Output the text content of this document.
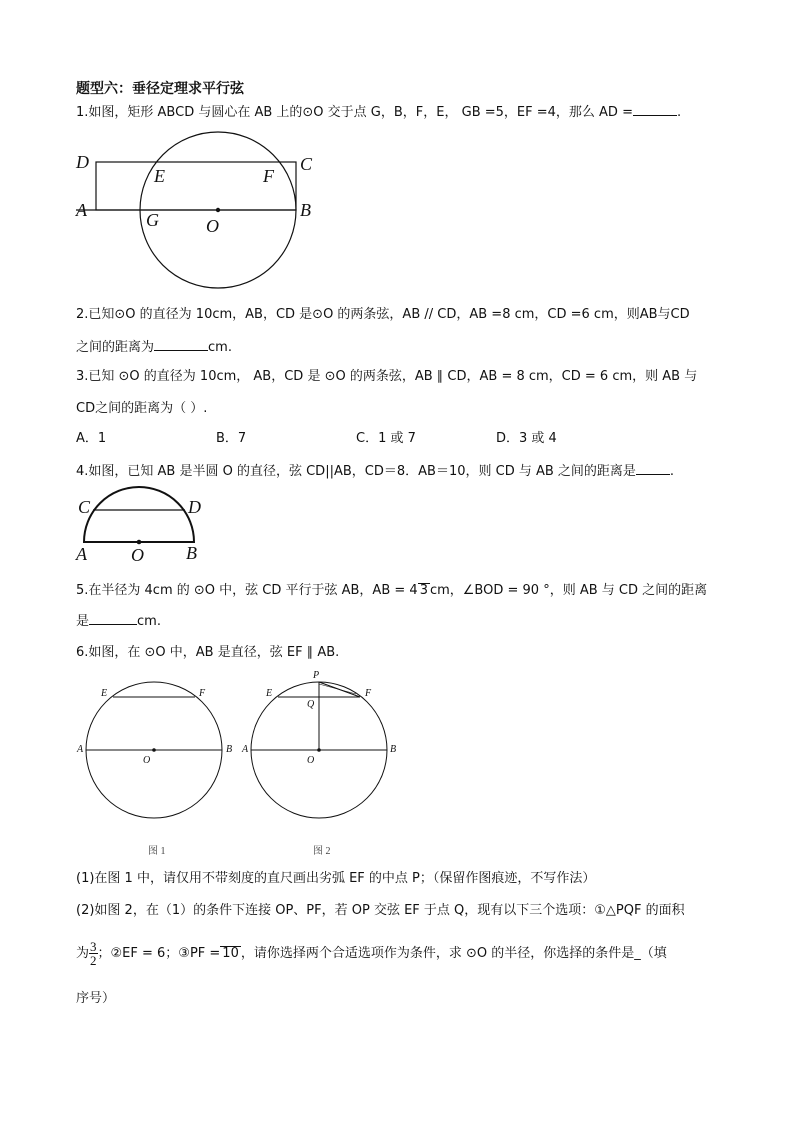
题型六：垂径定理求平行弦
1.如图，矩形 ABCD 与圆心在 AB 上的⊙O 交于点 G，B，F，E， GB =5，EF =4，那么 AD =	.
D	C
E	F
A	B
G	O
2.已知⊙O 的直径为 10cm，AB，CD 是⊙O 的两条弦，AB // CD，AB =8 cm，CD =6 cm，则AB与CD
之间的距离为	cm.
3.已知 ⊙O 的直径为 10cm， AB，CD 是 ⊙O 的两条弦，AB ∥ CD，AB = 8 cm，CD = 6 cm，则 AB 与
CD之间的距离为（ ）.
A．1	B．7	C．1 或 7	D．3 或 4
4.如图，已知 AB 是半圆 O 的直径，弦 CD||AB，CD＝8．AB＝10，则 CD 与 AB 之间的距离是	.
C	D
A O B
5.在半径为 4cm 的 ⊙O 中，弦 CD 平行于弦 AB，AB = 4 3 cm，∠BOD = 90 °，则 AB 与 CD 之间的距离
是	cm.
6.如图，在 ⊙O 中，AB 是直径，弦 EF ∥ AB.
E	F
A	B
O
P
E	F
Q
A	B
O
图 1	图 2
(1)在图 1 中，请仅用不带刻度的直尺画出劣弧 EF 的中点 P；（保留作图痕迹，不写作法）
(2)如图 2，在（1）的条件下连接 OP、PF，若 OP 交弦 EF 于点 Q，现有以下三个选项：①△PQF 的面积
为 $\frac{3}{2}$ ；②EF = 6；③PF = 10 ，请你选择两个合适选项作为条件，求 ⊙O 的半径，你选择的条件是_（填
序号）
